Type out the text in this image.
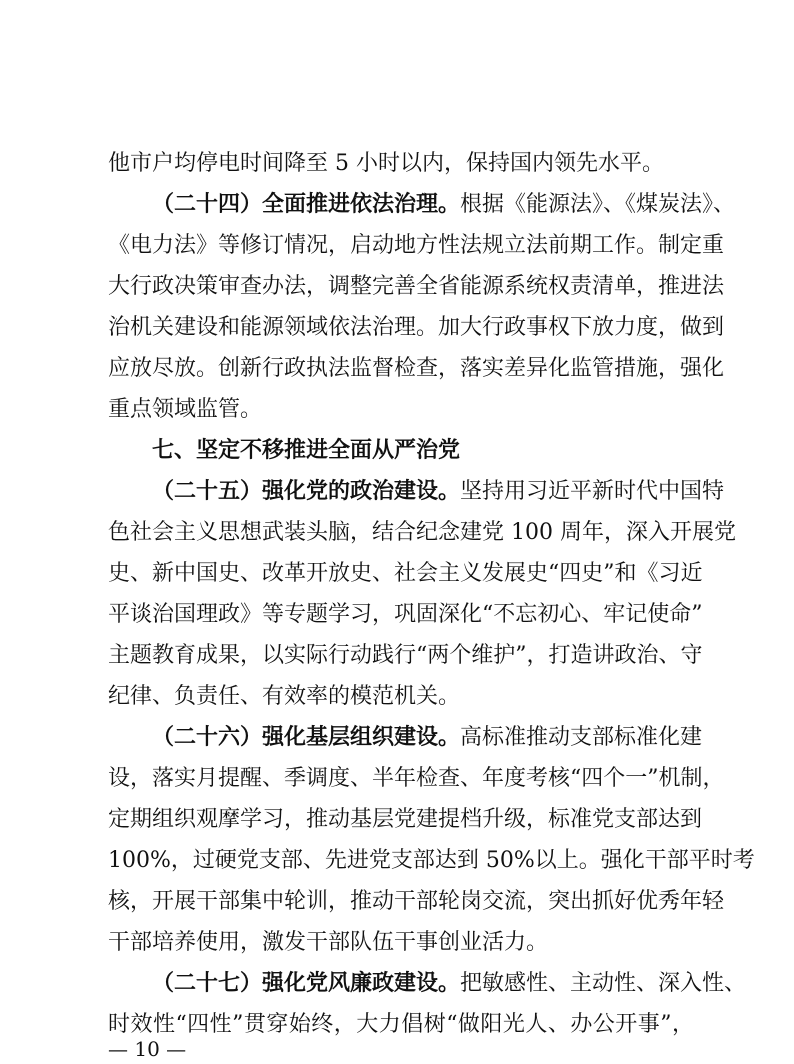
他市户均停电时间降至 5 小时以内，保持国内领先水平。
（二十四）全面推进依法治理。根据《能源法》、《煤炭法》、
《电力法》等修订情况，启动地方性法规立法前期工作。制定重
大行政决策审查办法，调整完善全省能源系统权责清单，推进法
治机关建设和能源领域依法治理。加大行政事权下放力度，做到
应放尽放。创新行政执法监督检查，落实差异化监管措施，强化
重点领域监管。
七、坚定不移推进全面从严治党
（二十五）强化党的政治建设。坚持用习近平新时代中国特
色社会主义思想武装头脑，结合纪念建党 100 周年，深入开展党
史、新中国史、改革开放史、社会主义发展史“四史”和《习近
平谈治国理政》等专题学习，巩固深化“不忘初心、牢记使命”
主题教育成果，以实际行动践行“两个维护”，打造讲政治、守
纪律、负责任、有效率的模范机关。
（二十六）强化基层组织建设。高标准推动支部标准化建
设，落实月提醒、季调度、半年检查、年度考核“四个一”机制，
定期组织观摩学习，推动基层党建提档升级，标准党支部达到
100%，过硬党支部、先进党支部达到 50%以上。强化干部平时考
核，开展干部集中轮训，推动干部轮岗交流，突出抓好优秀年轻
干部培养使用，激发干部队伍干事创业活力。
（二十七）强化党风廉政建设。把敏感性、主动性、深入性、
时效性“四性”贯穿始终，大力倡树“做阳光人、办公开事”，
— 10 —
